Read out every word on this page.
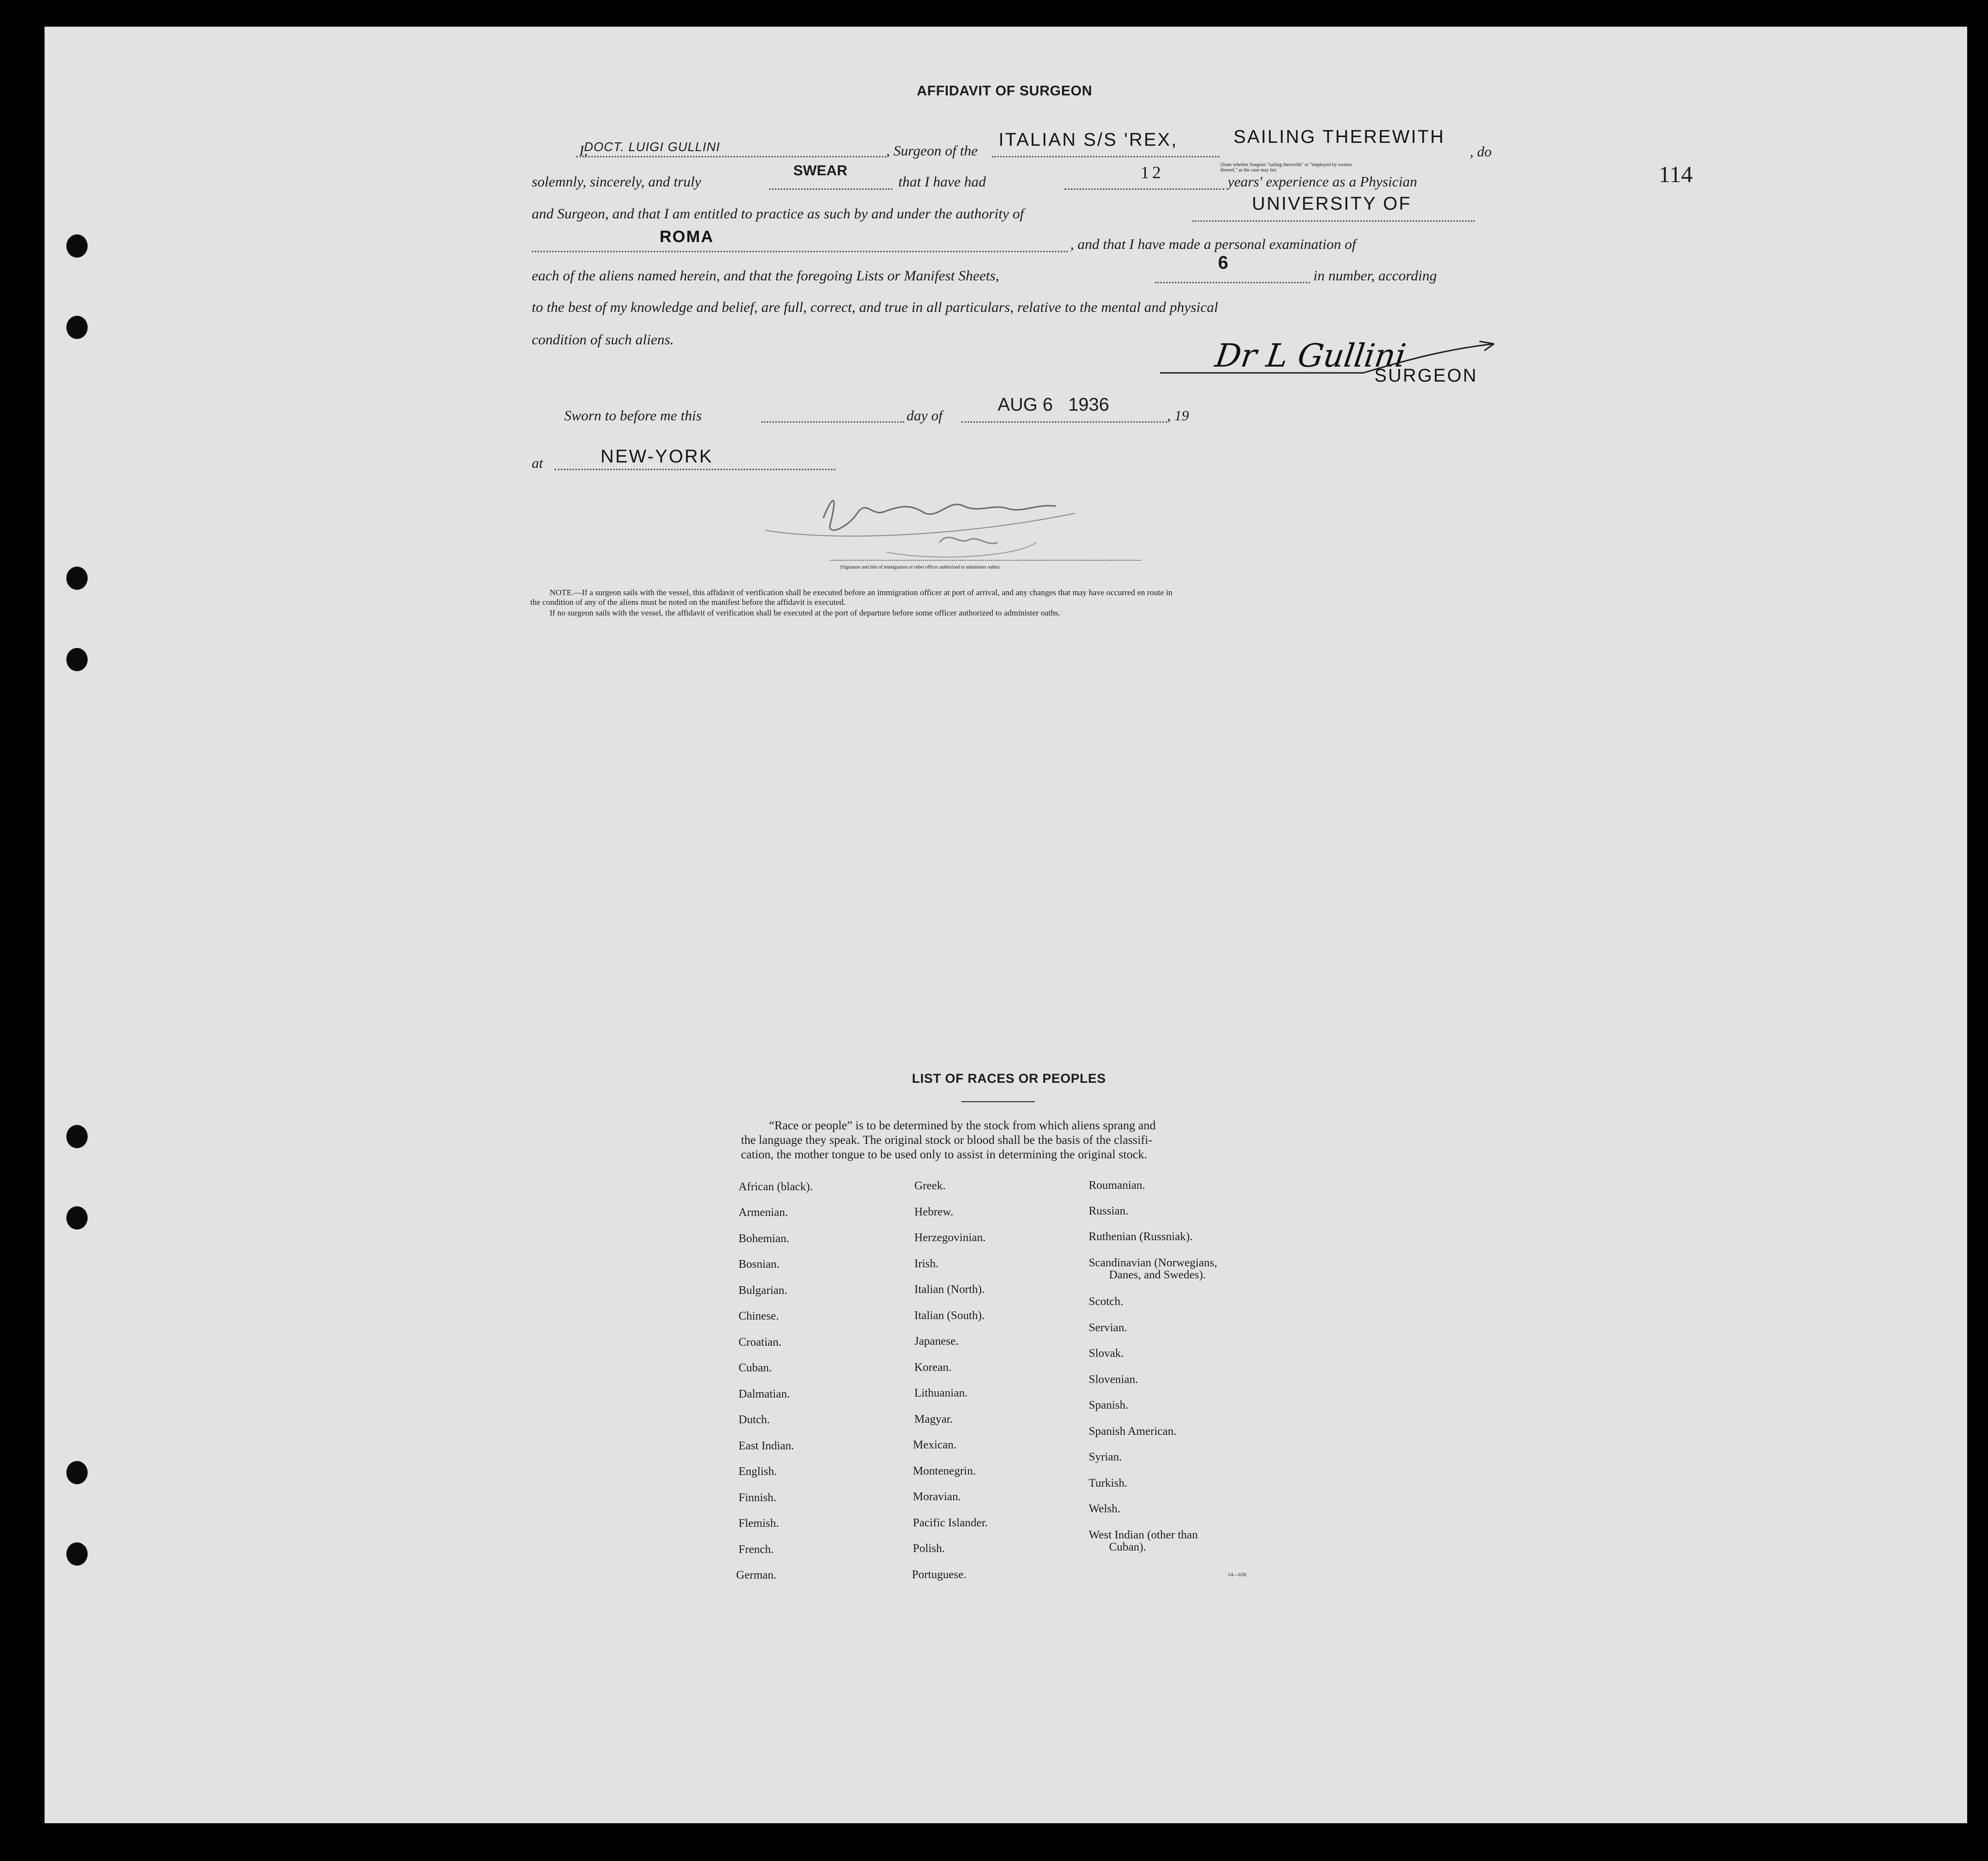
114
AFFIDAVIT OF SURGEON
I,
DOCT. LUIGI GULLINI	, Surgeon of the
ITALIAN S/S 'REX,	SAILING THEREWITH
(State whether Surgeon "sailing therewith" or "employed by owners thereof," as the case may be)
, do
solemnly, sincerely, and truly
SWEAR
that I have had	12	years' experience as a Physician
and Surgeon, and that I am entitled to practice as such by and under the authority of	UNIVERSITY OF
ROMA	, and that I have made a personal examination of
each of the aliens named herein, and that the foregoing Lists or Manifest Sheets,
6
in number, according
to the best of my knowledge and belief, are full, correct, and true in all particulars, relative to the mental and physical
condition of such aliens.	Dr L Gullini
SURGEON
Sworn to before me this	day of
AUG 6   1936
, 19
at	NEW-YORK
(Signature and title of immigration or other officer authorized to administer oaths)
NOTE.—If a surgeon sails with the vessel, this affidavit of verification shall be executed before an immigration officer at port of arrival, and any changes that may have occurred en route in
the condition of any of the aliens must be noted on the manifest before the affidavit is executed.
If no surgeon sails with the vessel, the affidavit of verification shall be executed at the port of departure before some officer authorized to administer oaths.
LIST OF RACES OR PEOPLES
“Race or people” is to be determined by the stock from which aliens sprang and
the language they speak. The original stock or blood shall be the basis of the classifi-
cation, the mother tongue to be used only to assist in determining the original stock.
African (black).
Armenian.
Bohemian.
Bosnian.
Bulgarian.
Chinese.
Croatian.
Cuban.
Dalmatian.
Dutch.
East Indian.
English.
Finnish.
Flemish.
French.
German.
Greek.
Hebrew.
Herzegovinian.
Irish.
Italian (North).
Italian (South).
Japanese.
Korean.
Lithuanian.
Magyar.
Mexican.
Montenegrin.
Moravian.
Pacific Islander.
Polish.
Portuguese.
Roumanian.
Russian.
Ruthenian (Russniak).
Scandinavian (Norwegians,
Danes, and Swedes).
Scotch.
Servian.
Slovak.
Slovenian.
Spanish.
Spanish American.
Syrian.
Turkish.
Welsh.
West Indian (other than
Cuban).
14—630
